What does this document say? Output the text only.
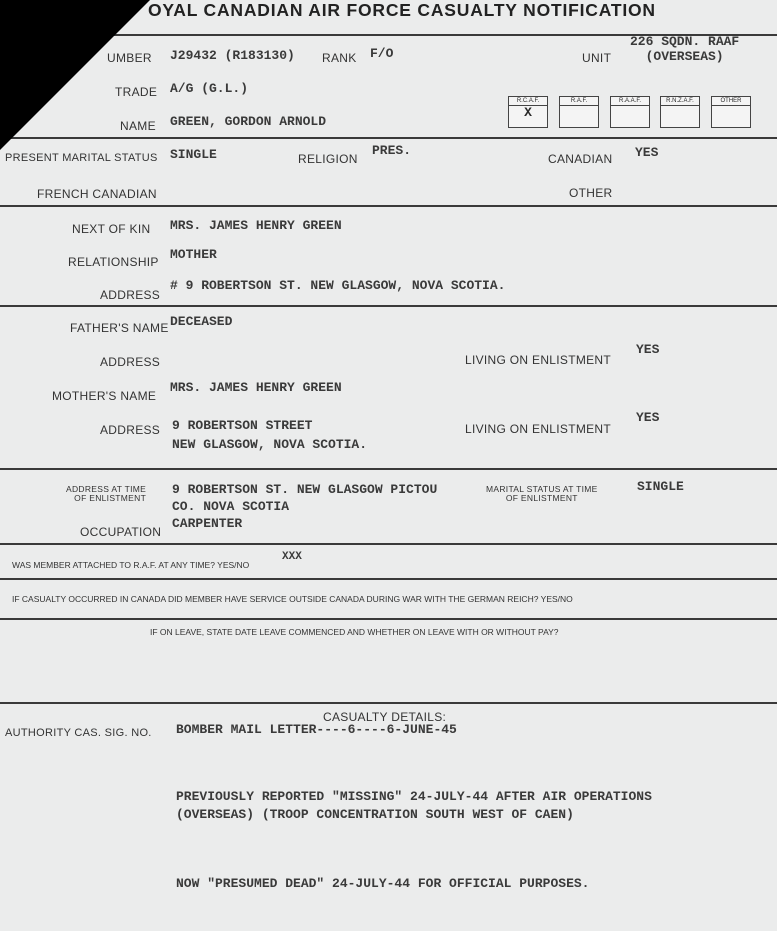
OYAL CANADIAN AIR FORCE CASUALTY NOTIFICATION
UMBER J29432 (R183130) RANK F/O	UNIT
226 SQDN. RAAF
(OVERSEAS)
TRADE A/G (G.L.)
NAME GREEN, GORDON ARNOLD
R.C.A.F.
X
R.A.F.	R.A.A.F.	R.N.Z.A.F.	OTHER
PRESENT MARITAL STATUS SINGLE	RELIGION
PRES.
CANADIAN YES
FRENCH CANADIAN	OTHER
NEXT OF KIN MRS. JAMES HENRY GREEN
RELATIONSHIP MOTHER
ADDRESS
# 9 ROBERTSON ST. NEW GLASGOW, NOVA SCOTIA.
FATHER'S NAME DECEASED
ADDRESS	LIVING ON ENLISTMENT
YES
MOTHER'S NAME
MRS. JAMES HENRY GREEN
ADDRESS 9 ROBERTSON STREET
NEW GLASGOW, NOVA SCOTIA.
LIVING ON ENLISTMENT
YES
ADDRESS AT TIME
OF ENLISTMENT
9 ROBERTSON ST. NEW GLASGOW PICTOU
CO. NOVA SCOTIA
MARITAL STATUS AT TIME
OF ENLISTMENT
SINGLE
OCCUPATION
CARPENTER
WAS MEMBER ATTACHED TO R.A.F. AT ANY TIME? YES/NO
XXX
IF CASUALTY OCCURRED IN CANADA DID MEMBER HAVE SERVICE OUTSIDE CANADA DURING WAR WITH THE GERMAN REICH? YES/NO
IF ON LEAVE, STATE DATE LEAVE COMMENCED AND WHETHER ON LEAVE WITH OR WITHOUT PAY?
CASUALTY DETAILS:
AUTHORITY CAS. SIG. NO. BOMBER MAIL LETTER----6----6-JUNE-45
PREVIOUSLY REPORTED "MISSING" 24-JULY-44 AFTER AIR OPERATIONS
(OVERSEAS) (TROOP CONCENTRATION SOUTH WEST OF CAEN)
NOW "PRESUMED DEAD" 24-JULY-44 FOR OFFICIAL PURPOSES.
